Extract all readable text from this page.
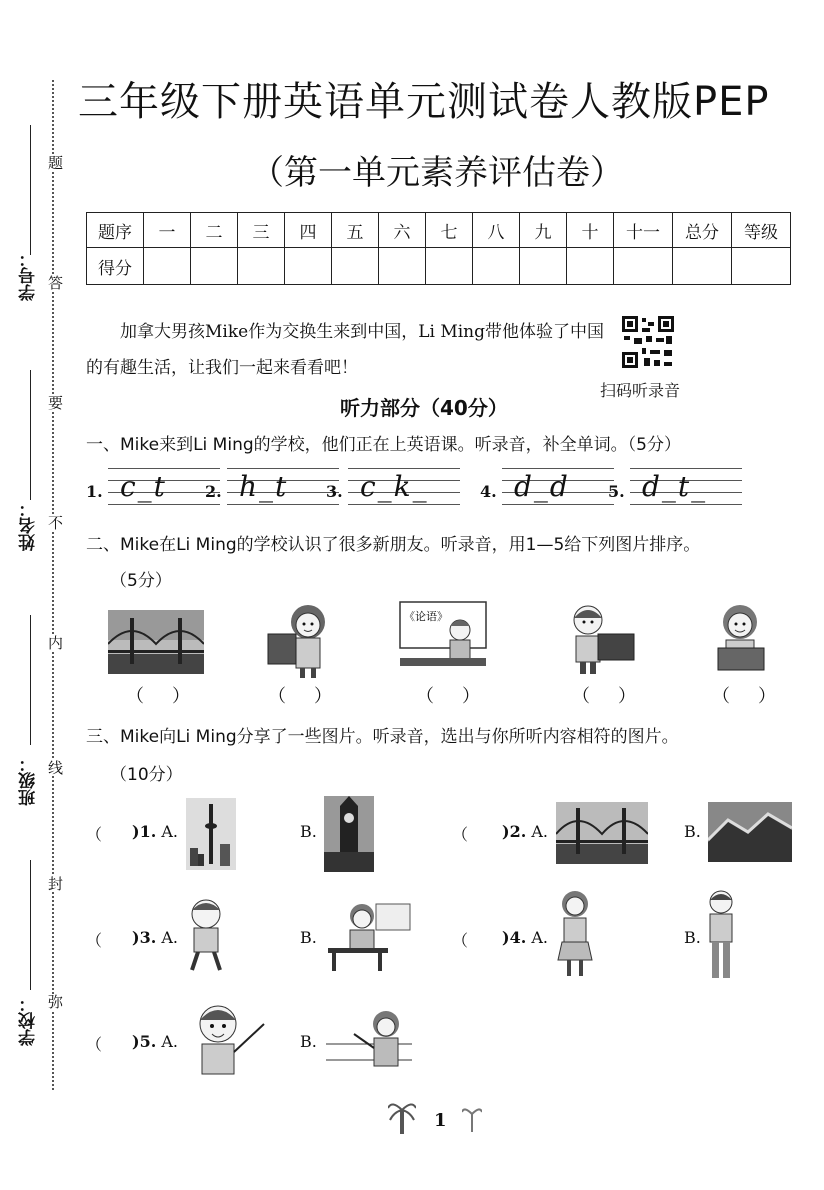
题
答
要
不
内
线
封
弥
学号：
姓名：
班级：
学校：
三年级下册英语单元测试卷人教版PEP
（第一单元素养评估卷）
题序	一	二	三	四	五	六	七	八	九	十	十一	总分	等级
得分													
加拿大男孩Mike作为交换生来到中国，Li Ming带他体验了中国的有趣生活，让我们一起来看看吧！
扫码听录音
听力部分（40分）
一、Mike来到Li Ming的学校，他们正在上英语课。听录音，补全单词。（5分）
1. c_t 2. h_t 3. c_k_	4. d_d 5. d_t_
二、Mike在Li Ming的学校认识了很多新朋友。听录音，用1—5给下列图片排序。
（5分）
《论语》
（）	（）	（）	（）	（）
三、Mike向Li Ming分享了一些图片。听录音，选出与你所听内容相符的图片。
（10分）
（ )1. A.	B.	（ )2. A.	B.
（ )3. A.	B.	（ )4. A.	B.
（ )5. A.	B.
1
